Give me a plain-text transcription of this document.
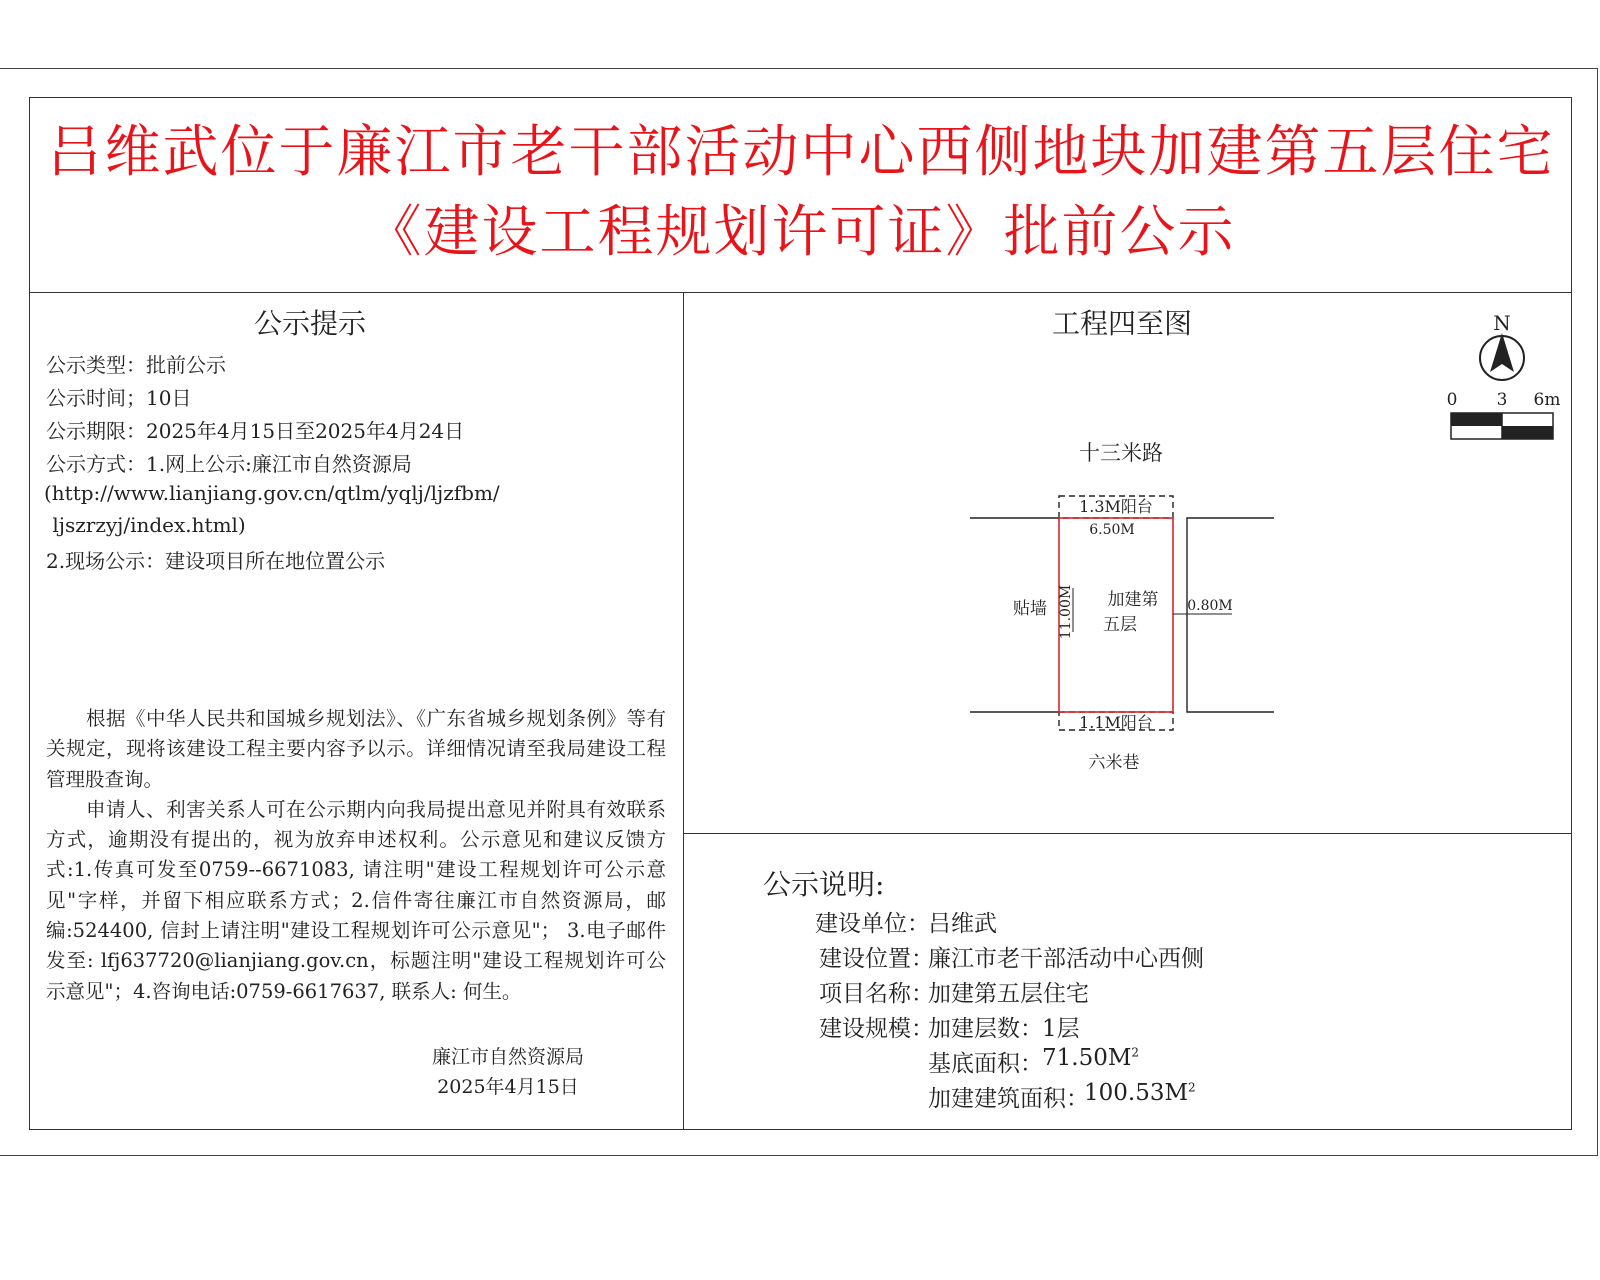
吕维武位于廉江市老干部活动中心西侧地块加建第五层住宅
《建设工程规划许可证》批前公示
公示提示
公示类型：批前公示
公示时间；10日
公示期限：2025年4月15日至2025年4月24日
公示方式：1.网上公示:廉江市自然资源局
(http://www.lianjiang.gov.cn/qtlm/yqlj/ljzfbm/
ljszrzyj/index.html)
2.现场公示：建设项目所在地位置公示

根据《中华人民共和国城乡规划法》、《广东省城乡规划条例》等有关规定，现将该建设工程主要内容予以示。详细情况请至我局建设工程管理股查询。

申请人、利害关系人可在公示期内向我局提出意见并附具有效联系方式，逾期没有提出的，视为放弃申述权利。公示意见和建议反馈方式:1.传真可发至0759--6671083, 请注明"建设工程规划许可公示意见"字样，并留下相应联系方式；2.信件寄往廉江市自然资源局，邮编:524400, 信封上请注明"建设工程规划许可公示意见"； 3.电子邮件发至: lfj637720@lianjiang.gov.cn，标题注明"建设工程规划许可公示意见"；4.咨询电话:0759-6617637, 联系人: 何生。

廉江市自然资源局
2025年4月15日
工程四至图	N
0 3 6m
十三米路
六米巷
1.3M阳台
6.50M
1.1M阳台
加建第
五层
贴墙 11.00M	0.80M
公示说明:
建设单位：
吕维武
建设位置：
廉江市老干部活动中心西侧
项目名称：
加建第五层住宅
建设规模：
加建层数： 1层
基底面积： $71.50M^2$
加建建筑面积：
$100.53M^2$
